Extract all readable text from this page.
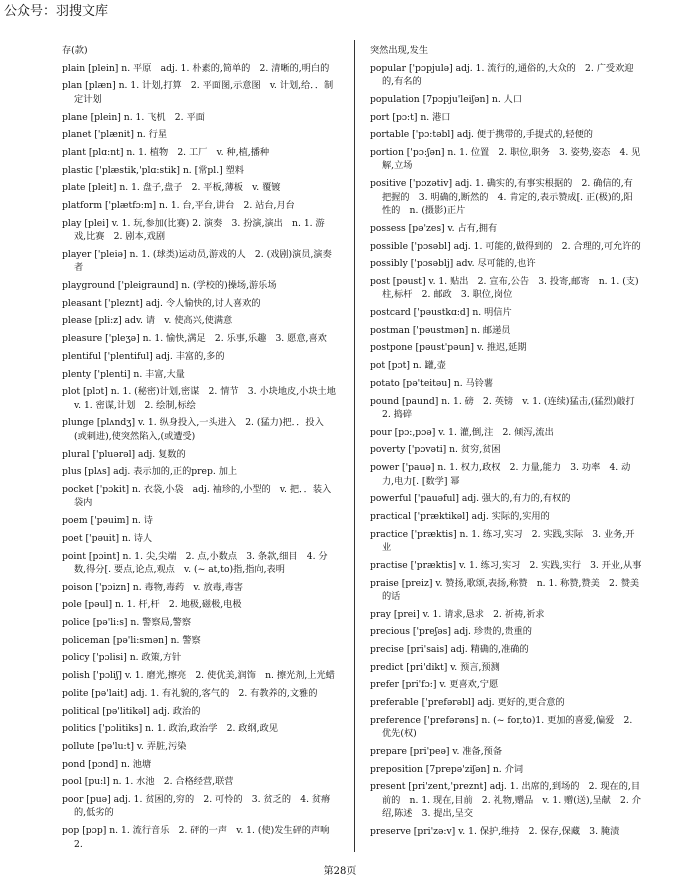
公众号：羽搜文库
存(款)
plain [plein] n. 平原　adj. 1. 朴素的,简单的　2. 清晰的,明白的
plan [plæn] n. 1. 计划,打算　2. 平面图,示意图　v. 计划,给．．制定计划
plane [plein] n. 1. 飞机　2. 平面
planet ['plænit] n. 行星
plant [plɑ:nt] n. 1. 植物　2. 工厂　v. 种,植,播种
plastic ['plæstik,'plɑ:stik] n. [常pl.] 塑料
plate [pleit] n. 1. 盘子,盘子　2. 平板,薄板　v. 覆镀
platform ['plætfɔ:m] n. 1. 台,平台,讲台　2. 站台,月台
play [plei] v. 1. 玩,参加(比赛) 2. 演奏　3. 扮演,演出　n. 1. 游戏,比赛　2. 剧本,戏剧
player ['pleiə] n. 1. (球类)运动员,游戏的人　2. (戏剧)演员,演奏者
playground ['pleigraund] n. (学校的)操场,游乐场
pleasant ['pleznt] adj. 令人愉快的,讨人喜欢的
please [pli:z] adv. 请　v. 使高兴,使满意
pleasure ['pleʒə] n. 1. 愉快,满足　2. 乐事,乐趣　3. 愿意,喜欢
plentiful ['plentiful] adj. 丰富的,多的
plenty ['plenti] n. 丰富,大量
plot [plɔt] n. 1. (秘密)计划,密谋　2. 情节　3. 小块地皮,小块土地　v. 1. 密谋,计划　2. 绘制,标绘
plunge [plʌndʒ] v. 1. 纵身投入,一头进入　2. (猛力)把．．投入(或刺进),使突然陷入,(或遭受)
plural ['pluərəl] adj. 复数的
plus [plʌs] adj. 表示加的,正的prep. 加上
pocket ['pɔkit] n. 衣袋,小袋　adj. 袖珍的,小型的　v. 把．．装入袋内
poem ['pəuim] n. 诗
poet ['pəuit] n. 诗人
point [pɔint] n. 1. 尖,尖端　2. 点,小数点　3. 条款,细目　4. 分数,得分[. 要点,论点,观点　v. (~ at,to)指,指向,表明
poison ['pɔizn] n. 毒物,毒药　v. 放毒,毒害
pole [pəul] n. 1. 杆,杆　2. 地极,磁极,电极
police [pə'li:s] n. 警察局,警察
policeman [pə'li:smən] n. 警察
policy ['pɔlisi] n. 政策,方针
polish ['pɔliʃ] v. 1. 磨光,擦亮　2. 使优美,润饰　n. 擦光剂,上光蜡
polite [pə'lait] adj. 1. 有礼貌的,客气的　2. 有教养的,文雅的
political [pə'litikəl] adj. 政治的
politics ['pɔlitiks] n. 1. 政治,政治学　2. 政纲,政见
pollute [pə'lu:t] v. 弄脏,污染
pond [pɔnd] n. 池塘
pool [pu:l] n. 1. 水池　2. 合格经营,联营
poor [puə] adj. 1. 贫困的,穷的　2. 可怜的　3. 贫乏的　4. 贫瘠的,低劣的
pop [pɔp] n. 1. 流行音乐　2. 砰的一声　v. 1. (使)发生砰的声响　2.
突然出现,发生
popular ['pɔpjulə] adj. 1. 流行的,通俗的,大众的　2. 广受欢迎的,有名的
population [7pɔpju'leiʃən] n. 人口
port [pɔ:t] n. 港口
portable ['pɔ:təbl] adj. 便于携带的,手提式的,轻便的
portion ['pɔ:ʃən] n. 1. 位置　2. 职位,职务　3. 姿势,姿态　4. 见解,立场
positive ['pɔzətiv] adj. 1. 确实的,有事实根据的　2. 确信的,有把握的　3. 明确的,断然的　4. 肯定的,表示赞成[. 正(极)的,阳性的　n. (摄影)正片
possess [pə'zes] v. 占有,拥有
possible ['pɔsəbl] adj. 1. 可能的,做得到的　2. 合理的,可允许的
possibly ['pɔsəblj] adv. 尽可能的,也许
post [pəust] v. 1. 贴出　2. 宣布,公告　3. 投寄,邮寄　n. 1. (支)柱,标杆　2. 邮政　3. 职位,岗位
postcard ['pəustkɑ:d] n. 明信片
postman ['pəustmən] n. 邮递员
postpone [pəust'pəun] v. 推迟,延期
pot [pɔt] n. 罐,壶
potato [pə'teitəu] n. 马铃薯
pound [paund] n. 1. 磅　2. 英镑　v. 1. (连续)猛击,(猛烈)敲打　2. 捣碎
pour [pɔ:,pɔə] v. 1. 灌,倒,注　2. 倾泻,流出
poverty ['pɔvəti] n. 贫穷,贫困
power ['pauə] n. 1. 权力,政权　2. 力量,能力　3. 功率　4. 动力,电力[. [数学] 幂
powerful ['pauəful] adj. 强大的,有力的,有权的
practical ['præktikəl] adj. 实际的,实用的
practice ['præktis] n. 1. 练习,实习　2. 实践,实际　3. 业务,开业
practise ['præktis] v. 1. 练习,实习　2. 实践,实行　3. 开业,从事
praise [preiz] v. 赞扬,歌颂,表扬,称赞　n. 1. 称赞,赞美　2. 赞美的话
pray [prei] v. 1. 请求,恳求　2. 祈祷,祈求
precious ['preʃəs] adj. 珍贵的,贵重的
precise [pri'sais] adj. 精确的,准确的
predict [pri'dikt] v. 预言,预测
prefer [pri'fɔ:] v. 更喜欢,宁愿
preferable ['prefərəbl] adj. 更好的,更合意的
preference ['prefərəns] n. (~ for,to)1. 更加的喜爱,偏爱　2. 优先(权)
prepare [pri'peə] v. 准备,预备
preposition [7prepə'ziʃən] n. 介词
present [pri'zent,'preznt] adj. 1. 出席的,到场的　2. 现在的,目前的　n. 1. 现在,目前　2. 礼物,赠品　v. 1. 赠(送),呈献　2. 介绍,陈述　3. 提出,呈交
preserve [pri'zə:v] v. 1. 保护,维持　2. 保存,保藏　3. 腌渍
第28页
